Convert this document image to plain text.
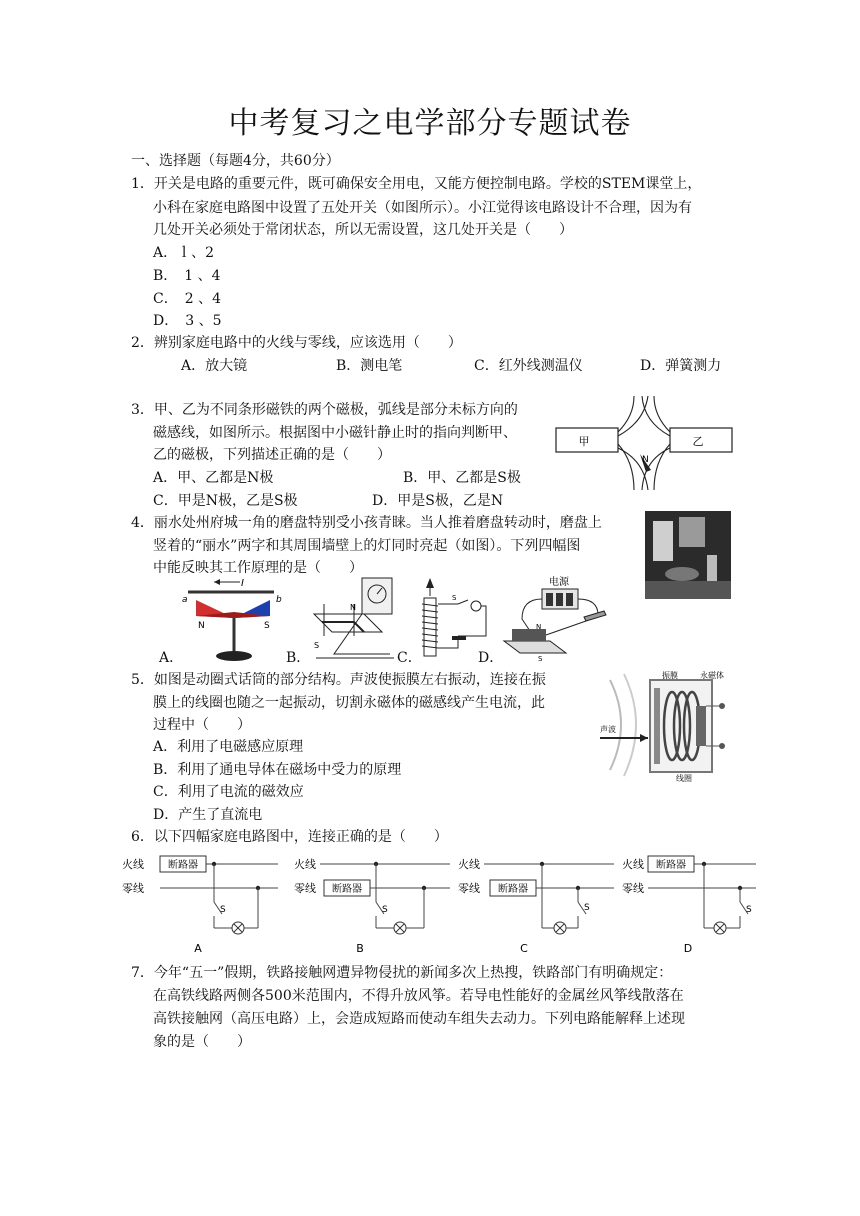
中考复习之电学部分专题试卷
一、选择题（每题4分，共60分）
1．开关是电路的重要元件，既可确保安全用电，又能方便控制电路。学校的STEM课堂上，
小科在家庭电路图中设置了五处开关（如图所示）。小江觉得该电路设计不合理，因为有
几处开关必须处于常闭状态，所以无需设置，这几处开关是（　　）
A．ｌ、2
B．　1 、4
C．　2 、4
D．　3 、5
2．辨别家庭电路中的火线与零线，应该选用（　　）
A．放大镜	B．测电笔	C．红外线测温仪	D．弹簧测力
3．甲、乙为不同条形磁铁的两个磁极，弧线是部分未标方向的
磁感线，如图所示。根据图中小磁针静止时的指向判断甲、
乙的磁极，下列描述正确的是（　　）
A．甲、乙都是N极	B．甲、乙都是S极
C．甲是N极，乙是S极	D．甲是S极，乙是N
甲	乙
N
4．丽水处州府城一角的磨盘特别受小孩青睐。当人推着磨盘转动时，磨盘上
竖着的“丽水”两字和其周围墙壁上的灯同时亮起（如图）。下列四幅图
中能反映其工作原理的是（　　）
I
a	b
N	S
S
N
S
电源
N
S
A．	B．	C．	D．
5．如图是动圈式话筒的部分结构。声波使振膜左右振动，连接在振
膜上的线圈也随之一起振动，切割永磁体的磁感线产生电流，此
过程中（　　）
A．利用了电磁感应原理
B．利用了通电导体在磁场中受力的原理
C．利用了电流的磁效应
D．产生了直流电
振膜	永磁体
声波
线圈
6．以下四幅家庭电路图中，连接正确的是（　　）
火线
零线
断路器
S
A
火线
零线 断路器
S
B
火线
零线 断路器
S
C
火线
零线
断路器
S
D
7．今年“五一”假期，铁路接触网遭异物侵扰的新闻多次上热搜，铁路部门有明确规定：
在高铁线路两侧各500米范围内，不得升放风筝。若导电性能好的金属丝风筝线散落在
高铁接触网（高压电路）上，会造成短路而使动车组失去动力。下列电路能解释上述现
象的是（　　）
